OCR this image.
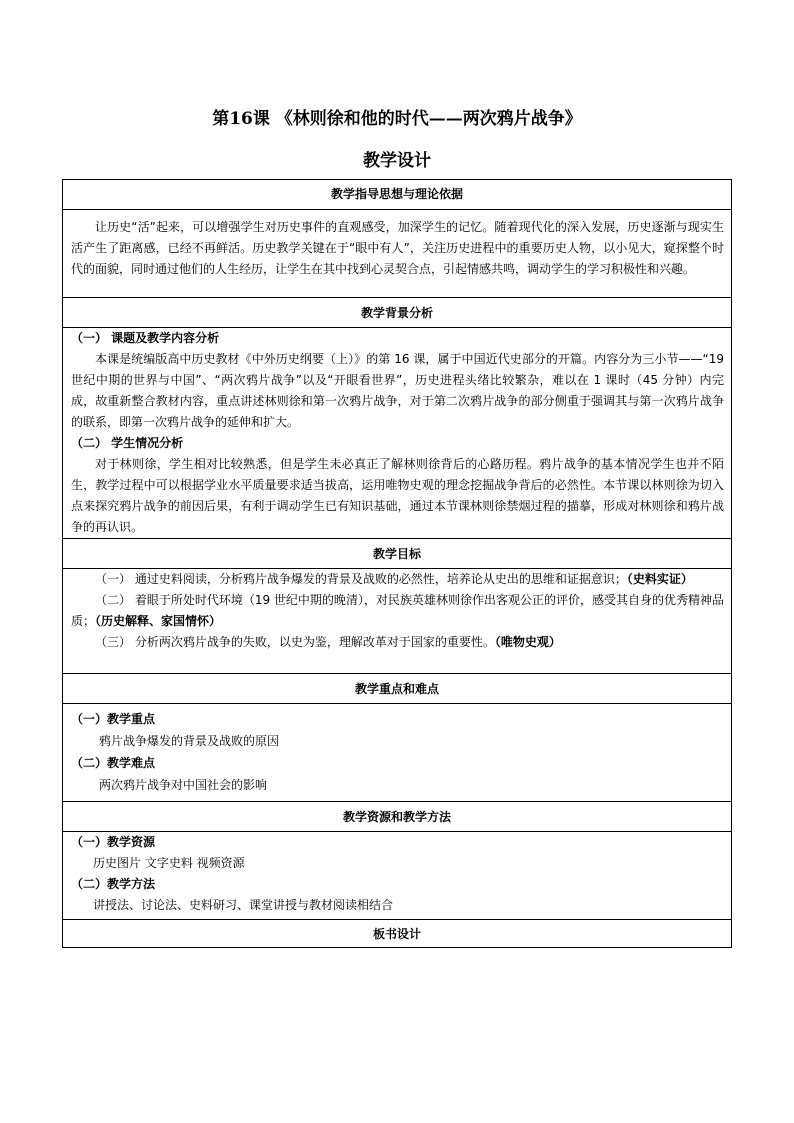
第16课 《林则徐和他的时代——两次鸦片战争》
教学设计
教学指导思想与理论依据

让历史“活”起来，可以增强学生对历史事件的直观感受，加深学生的记忆。随着现代化的深入发展，历史逐渐与现实生活产生了距离感，已经不再鲜活。历史教学关键在于“眼中有人”，关注历史进程中的重要历史人物，以小见大，窥探整个时代的面貌，同时通过他们的人生经历，让学生在其中找到心灵契合点，引起情感共鸣，调动学生的学习积极性和兴趣。

教学背景分析

（一） 课题及教学内容分析

本课是统编版高中历史教材《中外历史纲要（上）》的第 16 课，属于中国近代史部分的开篇。内容分为三小节——“19 世纪中期的世界与中国”、“两次鸦片战争”以及“开眼看世界”，历史进程头绪比较繁杂，难以在 1 课时（45 分钟）内完成，故重新整合教材内容，重点讲述林则徐和第一次鸦片战争，对于第二次鸦片战争的部分侧重于强调其与第一次鸦片战争的联系，即第一次鸦片战争的延伸和扩大。

（二） 学生情况分析

对于林则徐，学生相对比较熟悉，但是学生未必真正了解林则徐背后的心路历程。鸦片战争的基本情况学生也并不陌生，教学过程中可以根据学业水平质量要求适当拔高，运用唯物史观的理念挖掘战争背后的必然性。本节课以林则徐为切入点来探究鸦片战争的前因后果，有利于调动学生已有知识基础，通过本节课林则徐禁烟过程的描摹，形成对林则徐和鸦片战争的再认识。

教学目标

（一） 通过史料阅读，分析鸦片战争爆发的背景及战败的必然性，培养论从史出的思维和证据意识；（史料实证）

（二） 着眼于所处时代环境（19 世纪中期的晚清），对民族英雄林则徐作出客观公正的评价，感受其自身的优秀精神品质；（历史解释、家国情怀）

（三） 分析两次鸦片战争的失败，以史为鉴，理解改革对于国家的重要性。（唯物史观）

教学重点和难点

（一）教学重点

鸦片战争爆发的背景及战败的原因

（二）教学难点

两次鸦片战争对中国社会的影响

教学资源和教学方法

（一）教学资源

历史图片 文字史料 视频资源

（二）教学方法

讲授法、讨论法、史料研习、课堂讲授与教材阅读相结合

板书设计
